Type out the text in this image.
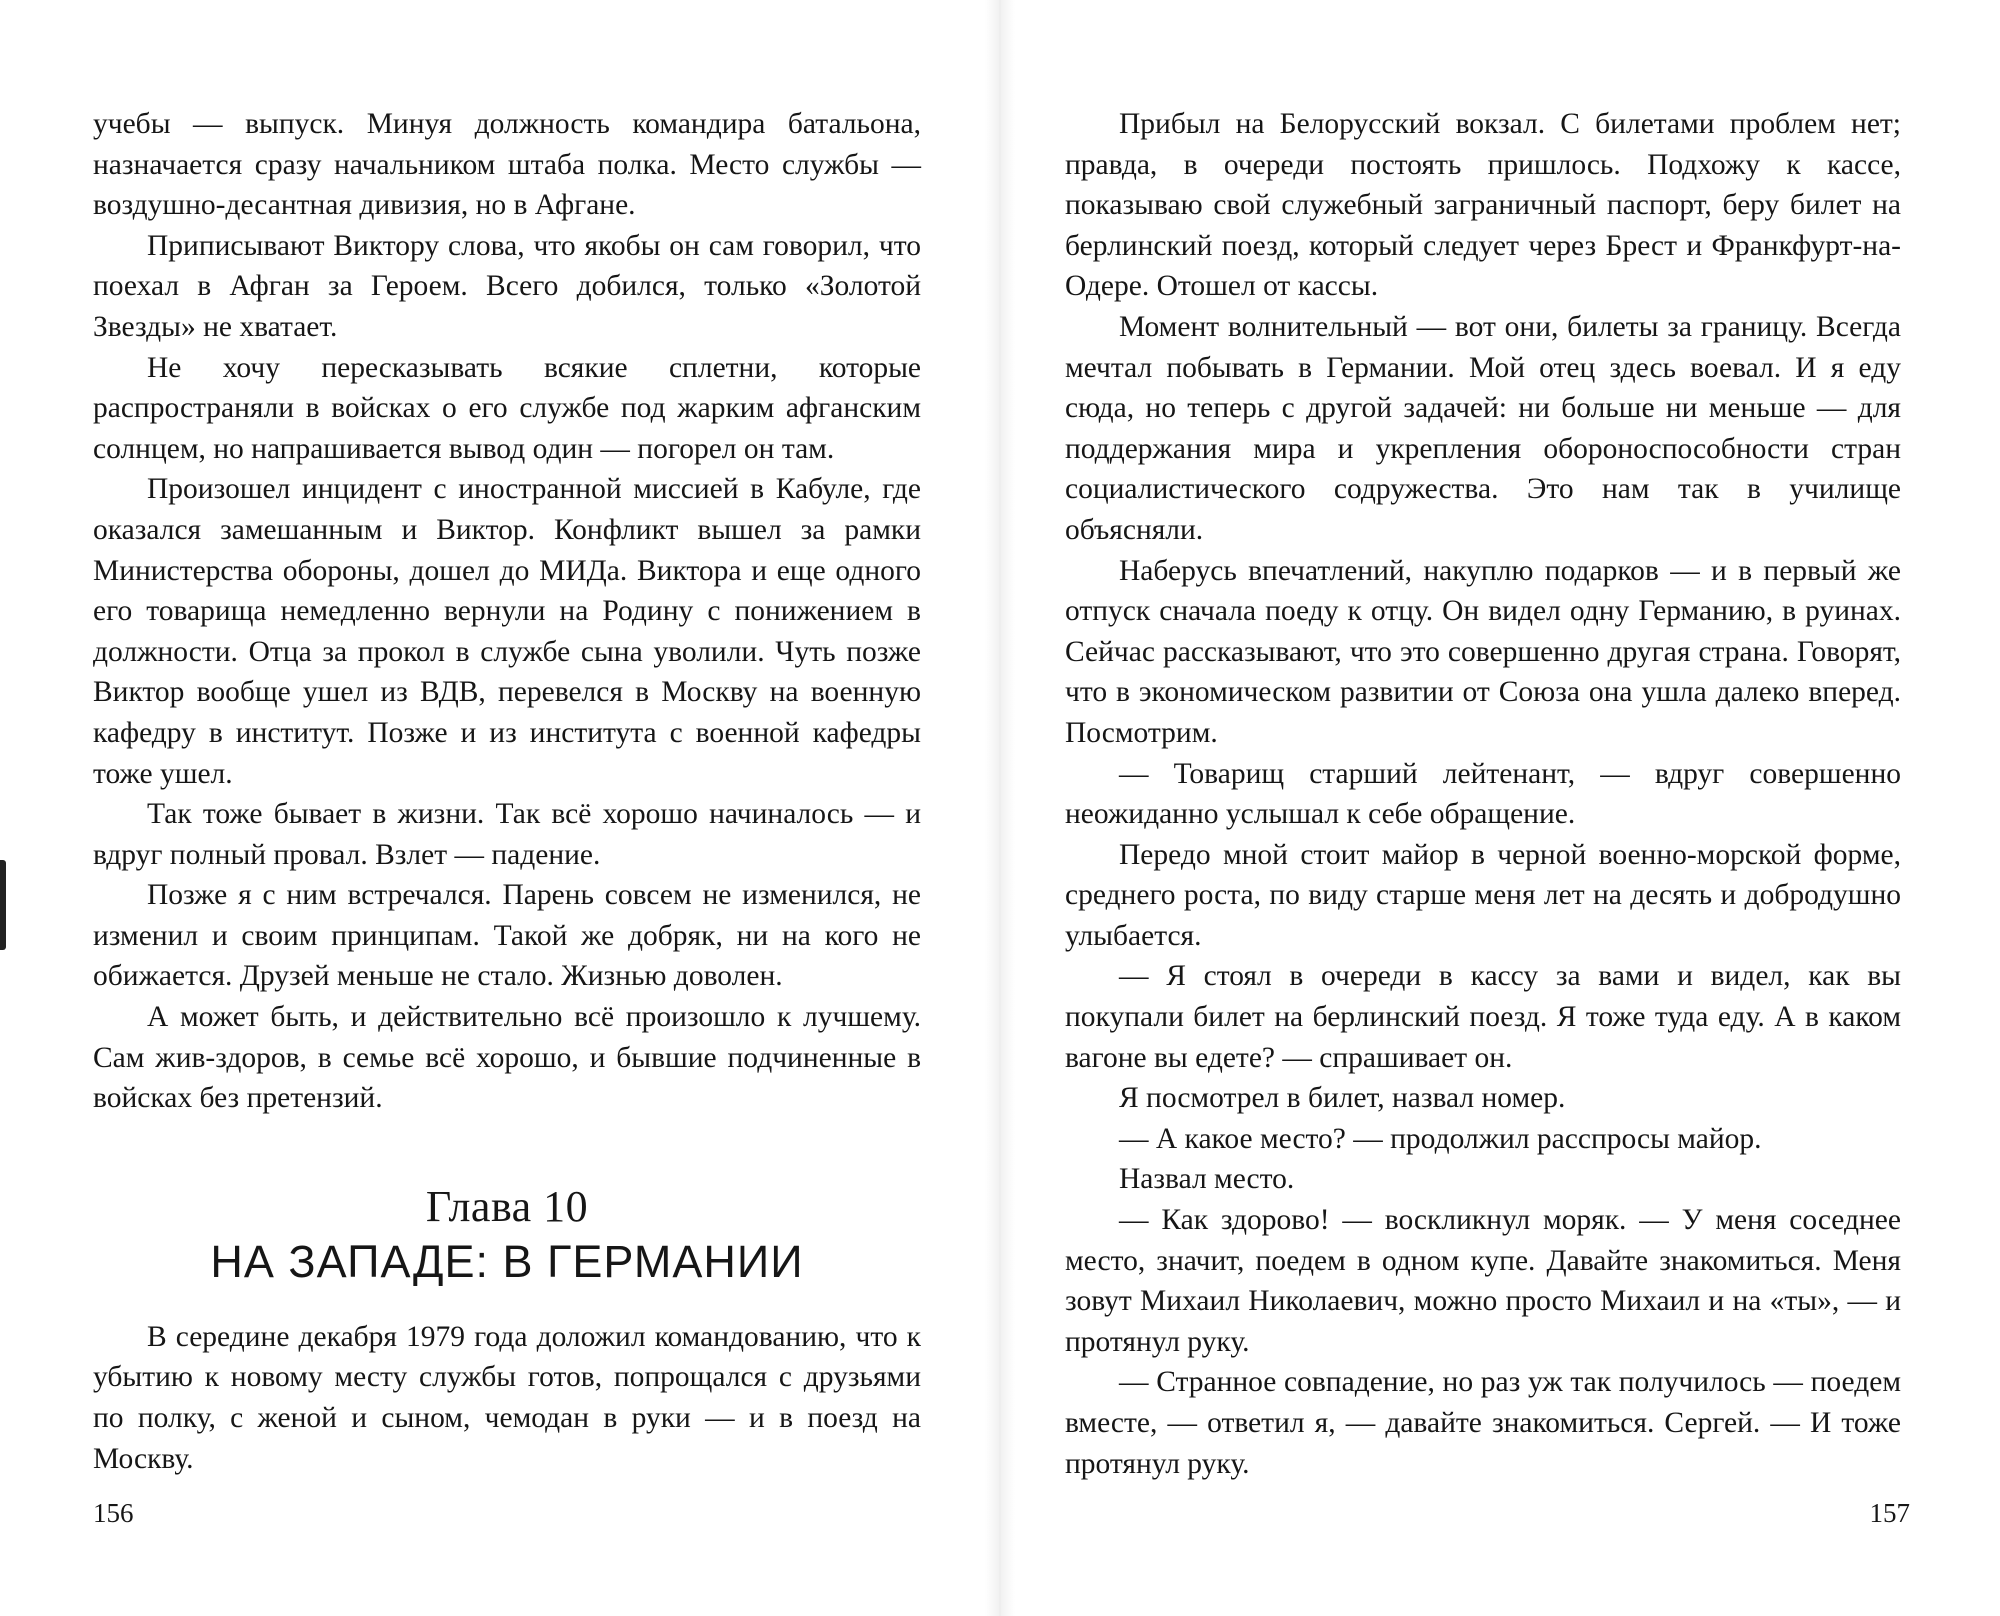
учебы — выпуск. Минуя должность командира батальона, назначается сразу начальником штаба полка. Место службы — воздушно-десантная дивизия, но в Афгане.

Приписывают Виктору слова, что якобы он сам говорил, что поехал в Афган за Героем. Всего добился, только «Золотой Звезды» не хватает.

Не хочу пересказывать всякие сплетни, которые распространяли в войсках о его службе под жарким афганским солнцем, но напрашивается вывод один — погорел он там.

Произошел инцидент с иностранной миссией в Кабуле, где оказался замешанным и Виктор. Конфликт вышел за рамки Министерства обороны, дошел до МИДа. Виктора и еще одного его товарища немедленно вернули на Родину с понижением в должности. Отца за прокол в службе сына уволили. Чуть позже Виктор вообще ушел из ВДВ, перевелся в Москву на военную кафедру в институт. Позже и из института с военной кафедры тоже ушел.

Так тоже бывает в жизни. Так всё хорошо начиналось — и вдруг полный провал. Взлет — падение.

Позже я с ним встречался. Парень совсем не изменился, не изменил и своим принципам. Такой же добряк, ни на кого не обижается. Друзей меньше не стало. Жизнью доволен.

А может быть, и действительно всё произошло к лучшему. Сам жив-здоров, в семье всё хорошо, и бывшие подчиненные в войсках без претензий.

Глава 10
НА ЗАПАДЕ: В ГЕРМАНИИ

В середине декабря 1979 года доложил командованию, что к убытию к новому месту службы готов, попрощался с друзьями по полку, с женой и сыном, чемодан в руки — и в поезд на Москву.

156

Прибыл на Белорусский вокзал. С билетами проблем нет; правда, в очереди постоять пришлось. Подхожу к кассе, показываю свой служебный заграничный паспорт, беру билет на берлинский поезд, который следует через Брест и Франкфурт-на-Одере. Отошел от кассы.

Момент волнительный — вот они, билеты за границу. Всегда мечтал побывать в Германии. Мой отец здесь воевал. И я еду сюда, но теперь с другой задачей: ни больше ни меньше — для поддержания мира и укрепления обороноспособности стран социалистического содружества. Это нам так в училище объясняли.

Наберусь впечатлений, накуплю подарков — и в первый же отпуск сначала поеду к отцу. Он видел одну Германию, в руинах. Сейчас рассказывают, что это совершенно другая страна. Говорят, что в экономическом развитии от Союза она ушла далеко вперед. Посмотрим.

— Товарищ старший лейтенант, — вдруг совершенно неожиданно услышал к себе обращение.

Передо мной стоит майор в черной военно-морской форме, среднего роста, по виду старше меня лет на десять и добродушно улыбается.

— Я стоял в очереди в кассу за вами и видел, как вы покупали билет на берлинский поезд. Я тоже туда еду. А в каком вагоне вы едете? — спрашивает он.

Я посмотрел в билет, назвал номер.

— А какое место? — продолжил расспросы майор.

Назвал место.

— Как здорово! — воскликнул моряк. — У меня соседнее место, значит, поедем в одном купе. Давайте знакомиться. Меня зовут Михаил Николаевич, можно просто Михаил и на «ты», — и протянул руку.

— Странное совпадение, но раз уж так получилось — поедем вместе, — ответил я, — давайте знакомиться. Сергей. — И тоже протянул руку.

157
